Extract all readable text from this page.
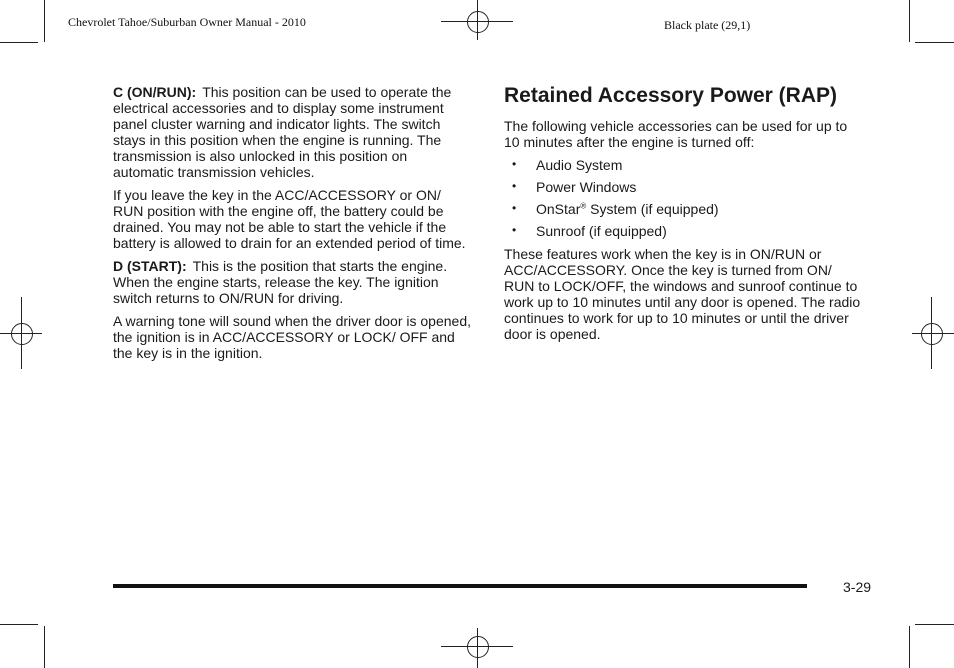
Chevrolet Tahoe/Suburban Owner Manual - 2010	Black plate (29,1)

C (ON/RUN): This position can be used to operate the electrical accessories and to display some instrument panel cluster warning and indicator lights. The switch stays in this position when the engine is running. The transmission is also unlocked in this position on automatic transmission vehicles.

If you leave the key in the ACC/ACCESSORY or ON/ RUN position with the engine off, the battery could be drained. You may not be able to start the vehicle if the battery is allowed to drain for an extended period of time.

D (START): This is the position that starts the engine. When the engine starts, release the key. The ignition switch returns to ON/RUN for driving.

A warning tone will sound when the driver door is opened, the ignition is in ACC/ACCESSORY or LOCK/ OFF and the key is in the ignition.

Retained Accessory Power (RAP)

The following vehicle accessories can be used for up to 10 minutes after the engine is turned off:

• Audio System
• Power Windows
• OnStar® System (if equipped)
• Sunroof (if equipped)

These features work when the key is in ON/RUN or ACC/ACCESSORY. Once the key is turned from ON/ RUN to LOCK/OFF, the windows and sunroof continue to work up to 10 minutes until any door is opened. The radio continues to work for up to 10 minutes or until the driver door is opened.

3-29
